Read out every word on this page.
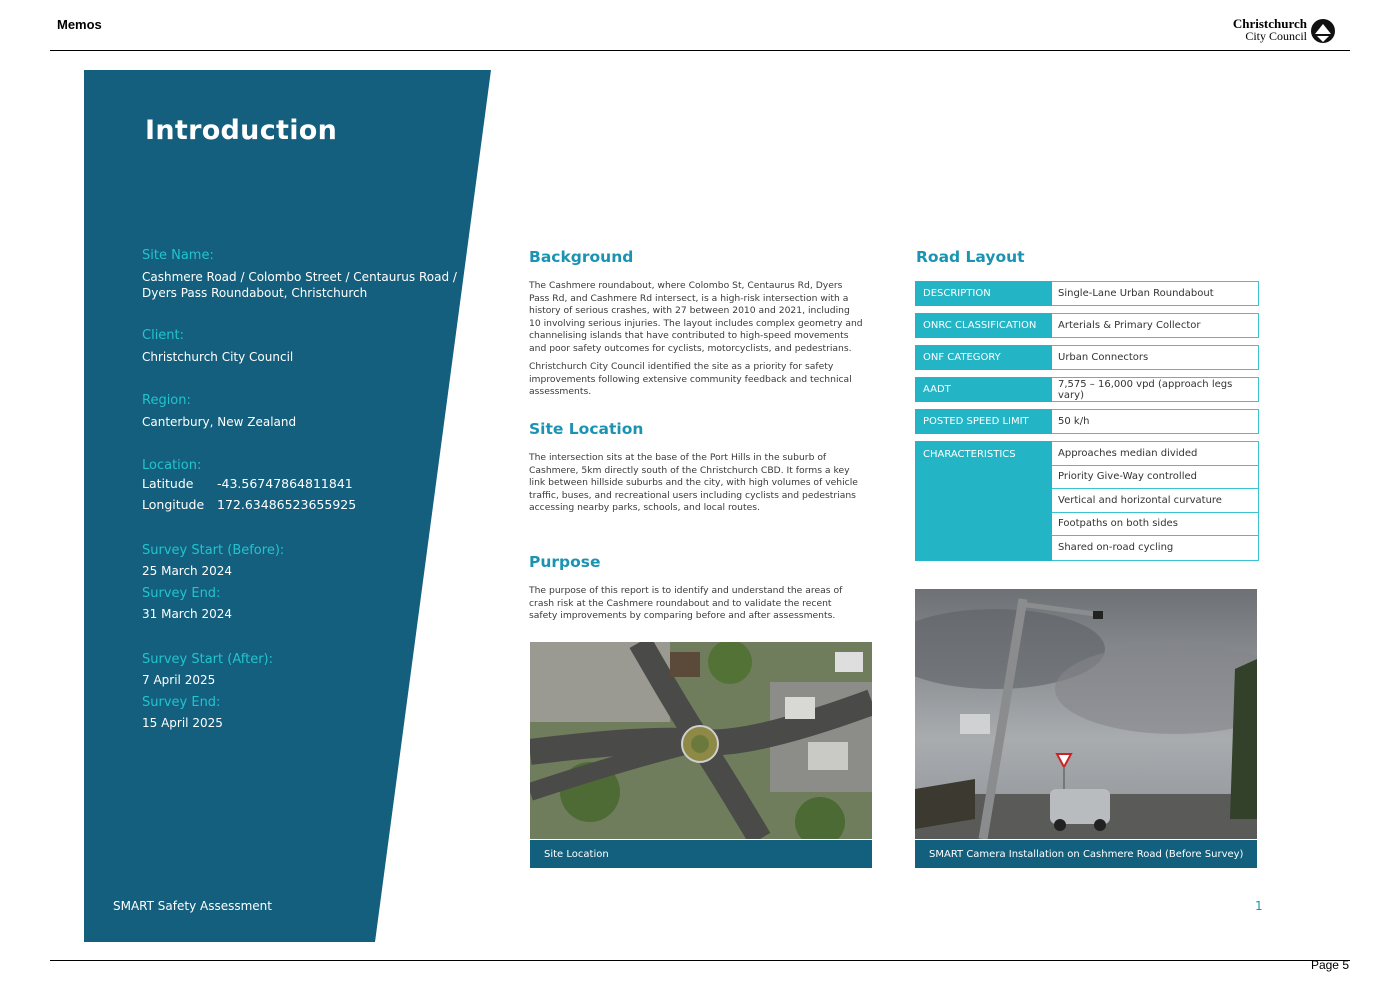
Memos	Christchurch
City Council
Introduction
Site Name:
Cashmere Road / Colombo Street / Centaurus Road /
Dyers Pass Roundabout, Christchurch
Client:
Christchurch City Council
Region:
Canterbury, New Zealand
Location:
Latitude	-43.56747864811841
Longitude	172.63486523655925
Survey Start (Before):
25 March 2024
Survey End:
31 March 2024
Survey Start (After):
7 April 2025
Survey End:
15 April 2025
SMART Safety Assessment
Background
The Cashmere roundabout, where Colombo St, Centaurus Rd, Dyers
Pass Rd, and Cashmere Rd intersect, is a high-risk intersection with a
history of serious crashes, with 27 between 2010 and 2021, including
10 involving serious injuries. The layout includes complex geometry and
channelising islands that have contributed to high-speed movements
and poor safety outcomes for cyclists, motorcyclists, and pedestrians.
Christchurch City Council identified the site as a priority for safety
improvements following extensive community feedback and technical
assessments.
Site Location
The intersection sits at the base of the Port Hills in the suburb of
Cashmere, 5km directly south of the Christchurch CBD. It forms a key
link between hillside suburbs and the city, with high volumes of vehicle
traffic, buses, and recreational users including cyclists and pedestrians
accessing nearby parks, schools, and local routes.
Purpose
The purpose of this report is to identify and understand the areas of
crash risk at the Cashmere roundabout and to validate the recent
safety improvements by comparing before and after assessments.
Road Layout
DESCRIPTION	Single-Lane Urban Roundabout
ONRC CLASSIFICATION	Arterials & Primary Collector
ONF CATEGORY	Urban Connectors
AADT	7,575 – 16,000 vpd (approach legs vary)
POSTED SPEED LIMIT	50 k/h
CHARACTERISTICS	Approaches median divided
Priority Give-Way controlled
Vertical and horizontal curvature
Footpaths on both sides
Shared on-road cycling
Site Location	SMART Camera Installation on Cashmere Road (Before Survey)
1
Page 5
